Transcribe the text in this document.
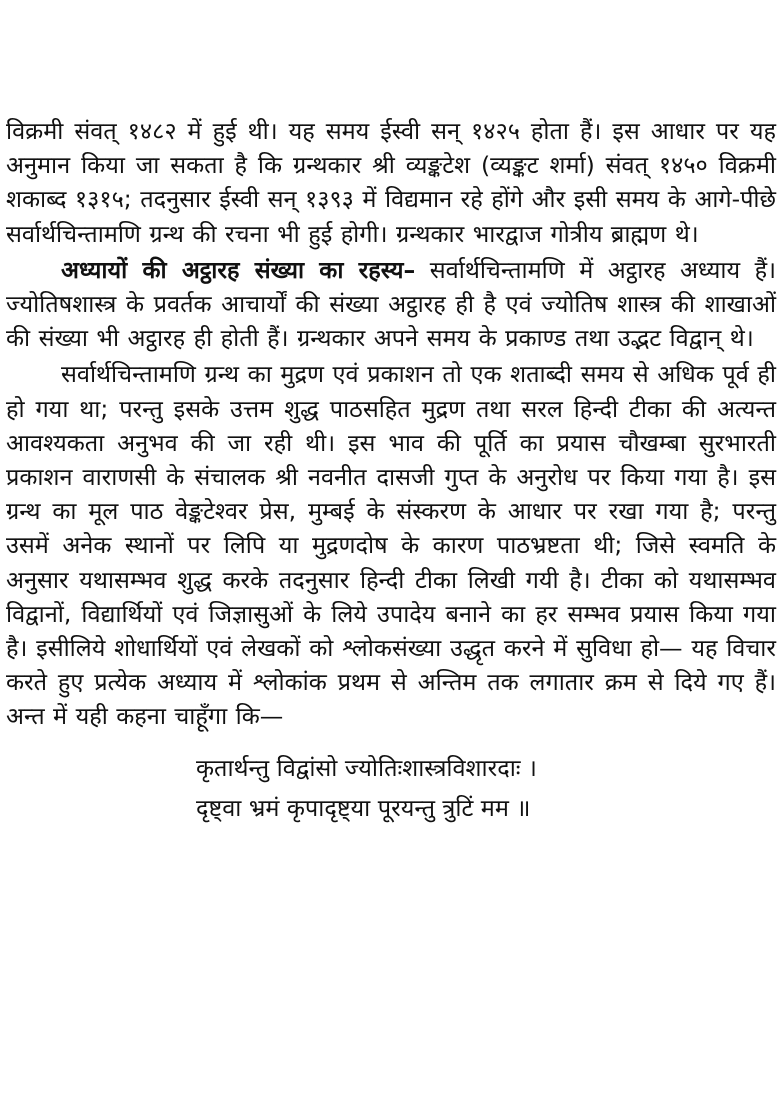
विक्रमी संवत् १४८२ में हुई थी। यह समय ईस्वी सन् १४२५ होता हैं। इस आधार पर यह अनुमान किया जा सकता है कि ग्रन्थकार श्री व्यङ्कटेश (व्यङ्कट शर्मा) संवत् १४५० विक्रमी शकाब्द १३१५; तदनुसार ईस्वी सन् १३९३ में विद्यमान रहे होंगे और इसी समय के आगे-पीछे सर्वार्थचिन्तामणि ग्रन्थ की रचना भी हुई होगी। ग्रन्थकार भारद्वाज गोत्रीय ब्राह्मण थे।

अध्यायों की अट्ठारह संख्या का रहस्य– सर्वार्थचिन्तामणि में अट्ठारह अध्याय हैं। ज्योतिषशास्त्र के प्रवर्तक आचार्यों की संख्या अट्ठारह ही है एवं ज्योतिष शास्त्र की शाखाओं की संख्या भी अट्ठारह ही होती हैं। ग्रन्थकार अपने समय के प्रकाण्ड तथा उद्भट विद्वान् थे।

सर्वार्थचिन्तामणि ग्रन्थ का मुद्रण एवं प्रकाशन तो एक शताब्दी समय से अधिक पूर्व ही हो गया था; परन्तु इसके उत्तम शुद्ध पाठसहित मुद्रण तथा सरल हिन्दी टीका की अत्यन्त आवश्यकता अनुभव की जा रही थी। इस भाव की पूर्ति का प्रयास चौखम्बा सुरभारती प्रकाशन वाराणसी के संचालक श्री नवनीत दासजी गुप्त के अनुरोध पर किया गया है। इस ग्रन्थ का मूल पाठ वेङ्कटेश्वर प्रेस, मुम्बई के संस्करण के आधार पर रखा गया है; परन्तु उसमें अनेक स्थानों पर लिपि या मुद्रणदोष के कारण पाठभ्रष्टता थी; जिसे स्वमति के अनुसार यथासम्भव शुद्ध करके तदनुसार हिन्दी टीका लिखी गयी है। टीका को यथासम्भव विद्वानों, विद्यार्थियों एवं जिज्ञासुओं के लिये उपादेय बनाने का हर सम्भव प्रयास किया गया है। इसीलिये शोधार्थियों एवं लेखकों को श्लोकसंख्या उद्धृत करने में सुविधा हो— यह विचार करते हुए प्रत्येक अध्याय में श्लोकांक प्रथम से अन्तिम तक लगातार क्रम से दिये गए हैं। अन्त में यही कहना चाहूँगा कि—

कृतार्थन्तु विद्वांसो ज्योतिःशास्त्रविशारदाः ।
दृष्ट्वा भ्रमं कृपादृष्ट्या पूरयन्तु त्रुटिं मम ॥
